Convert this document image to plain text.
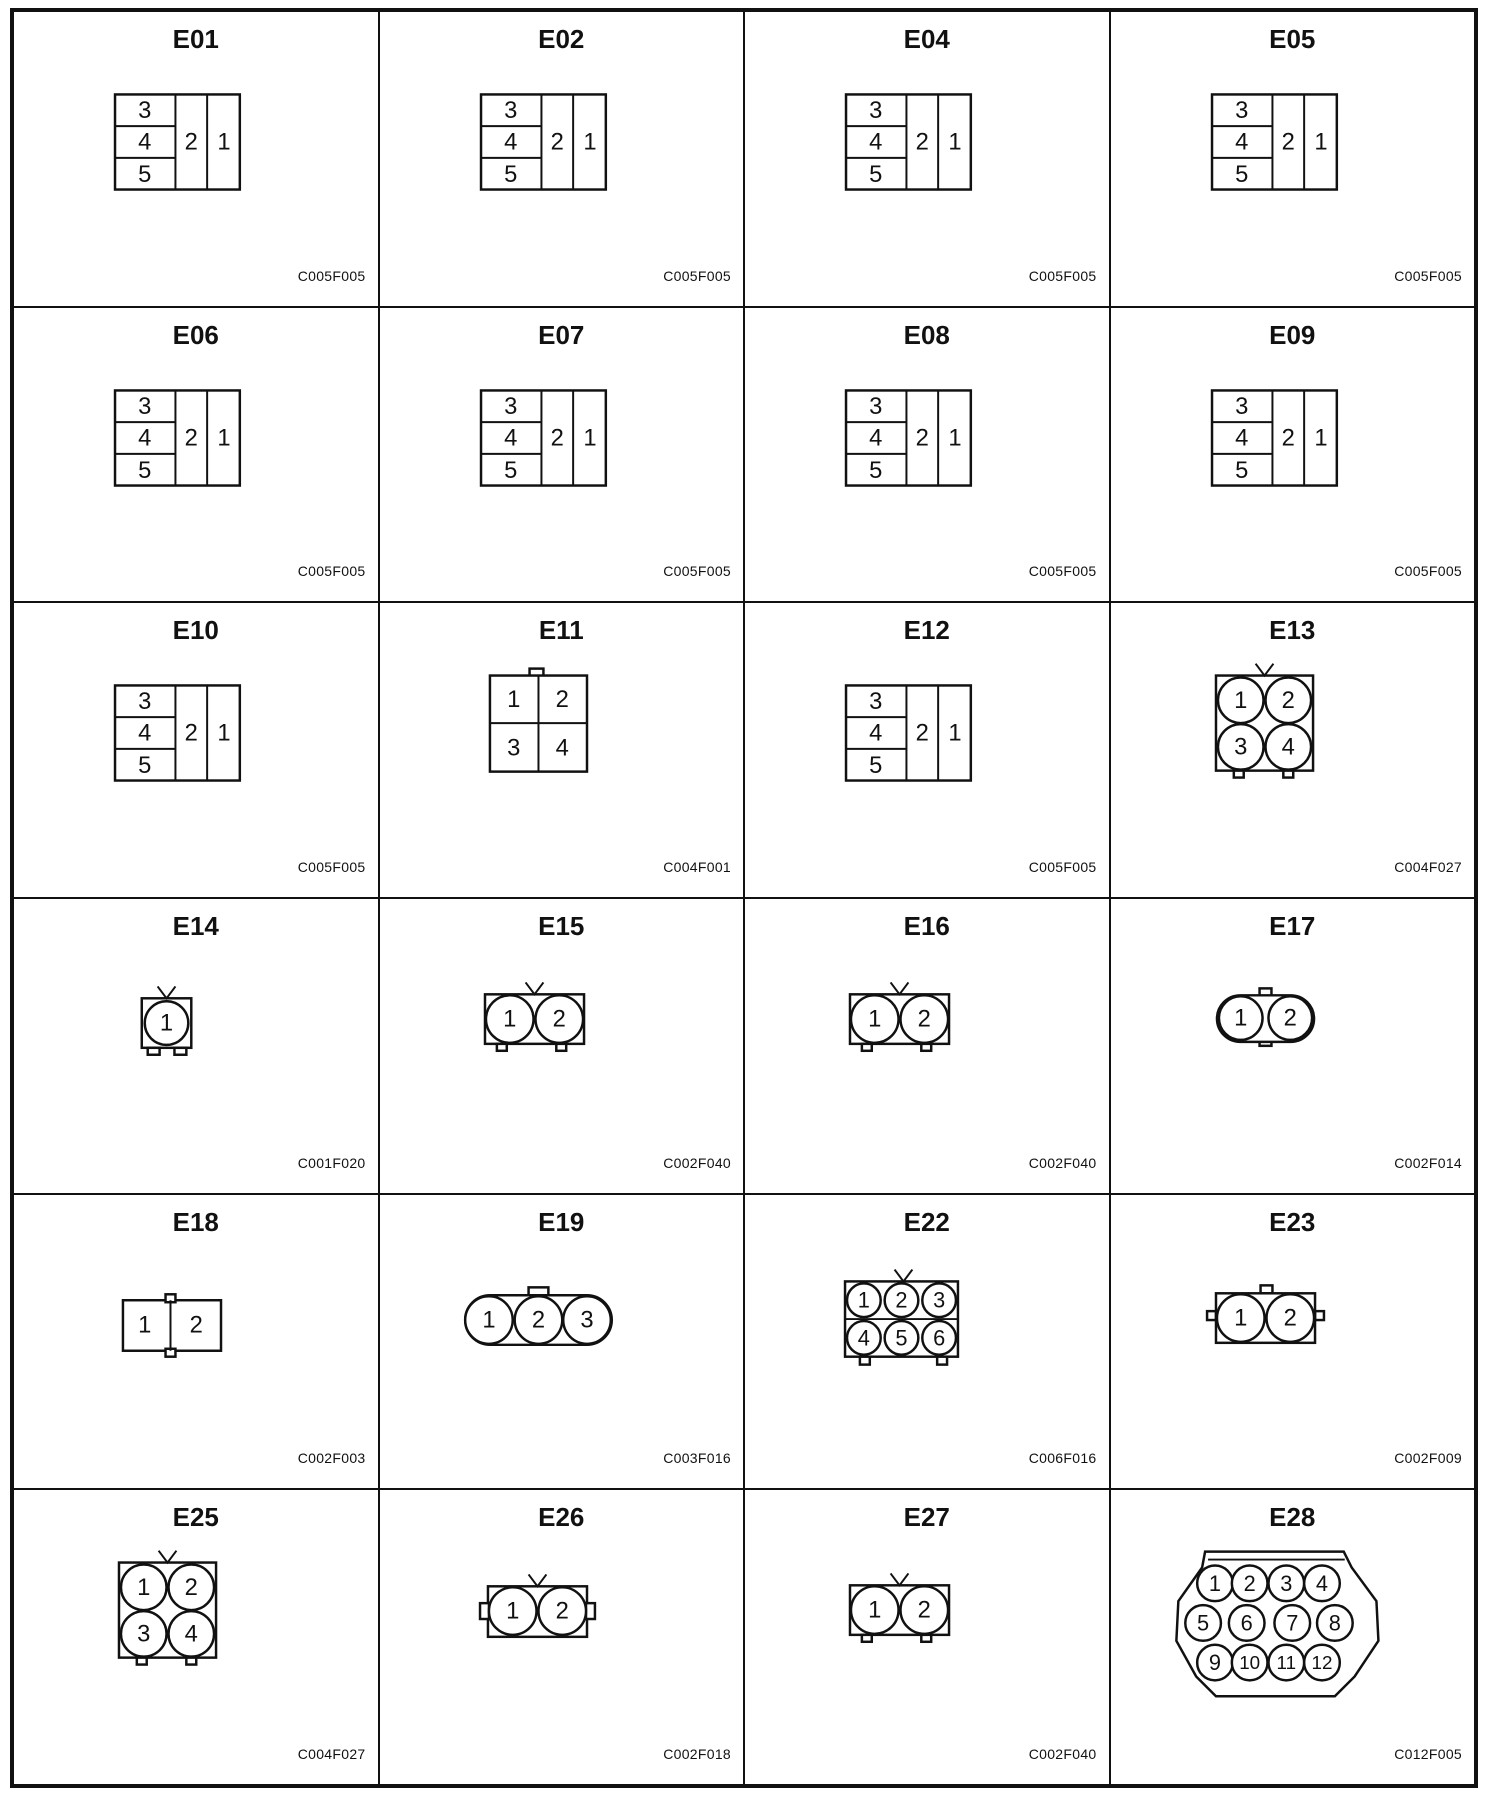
E01
3
4
5
2 1
C005F005
E02
3
4
5
2 1
C005F005
E04
3
4
5
2 1
C005F005
E05
3
4
5
2 1
C005F005
E06
3
4
5
2 1
C005F005
E07
3
4
5
2 1
C005F005
E08
3
4
5
2 1
C005F005
E09
3
4
5
2 1
C005F005
E10
3
4
5
2 1
C005F005
E11
1 2
3 4
C004F001
E12
3
4
5
2 1
C005F005
E13
1 2
3 4
C004F027
E14
1
C001F020
E15
1 2
C002F040
E16
1 2
C002F040
E17
1 2
C002F014
E18
1 2
C002F003
E19
1 2 3
C003F016
E22
1 2 3
4 5 6
C006F016
E23
1 2
C002F009
E25
1 2
3 4
C004F027
E26
1 2
C002F018
E27
1 2
C002F040
E28
1 2 3 4
5 6 7 8
9 10 11 12
C012F005
